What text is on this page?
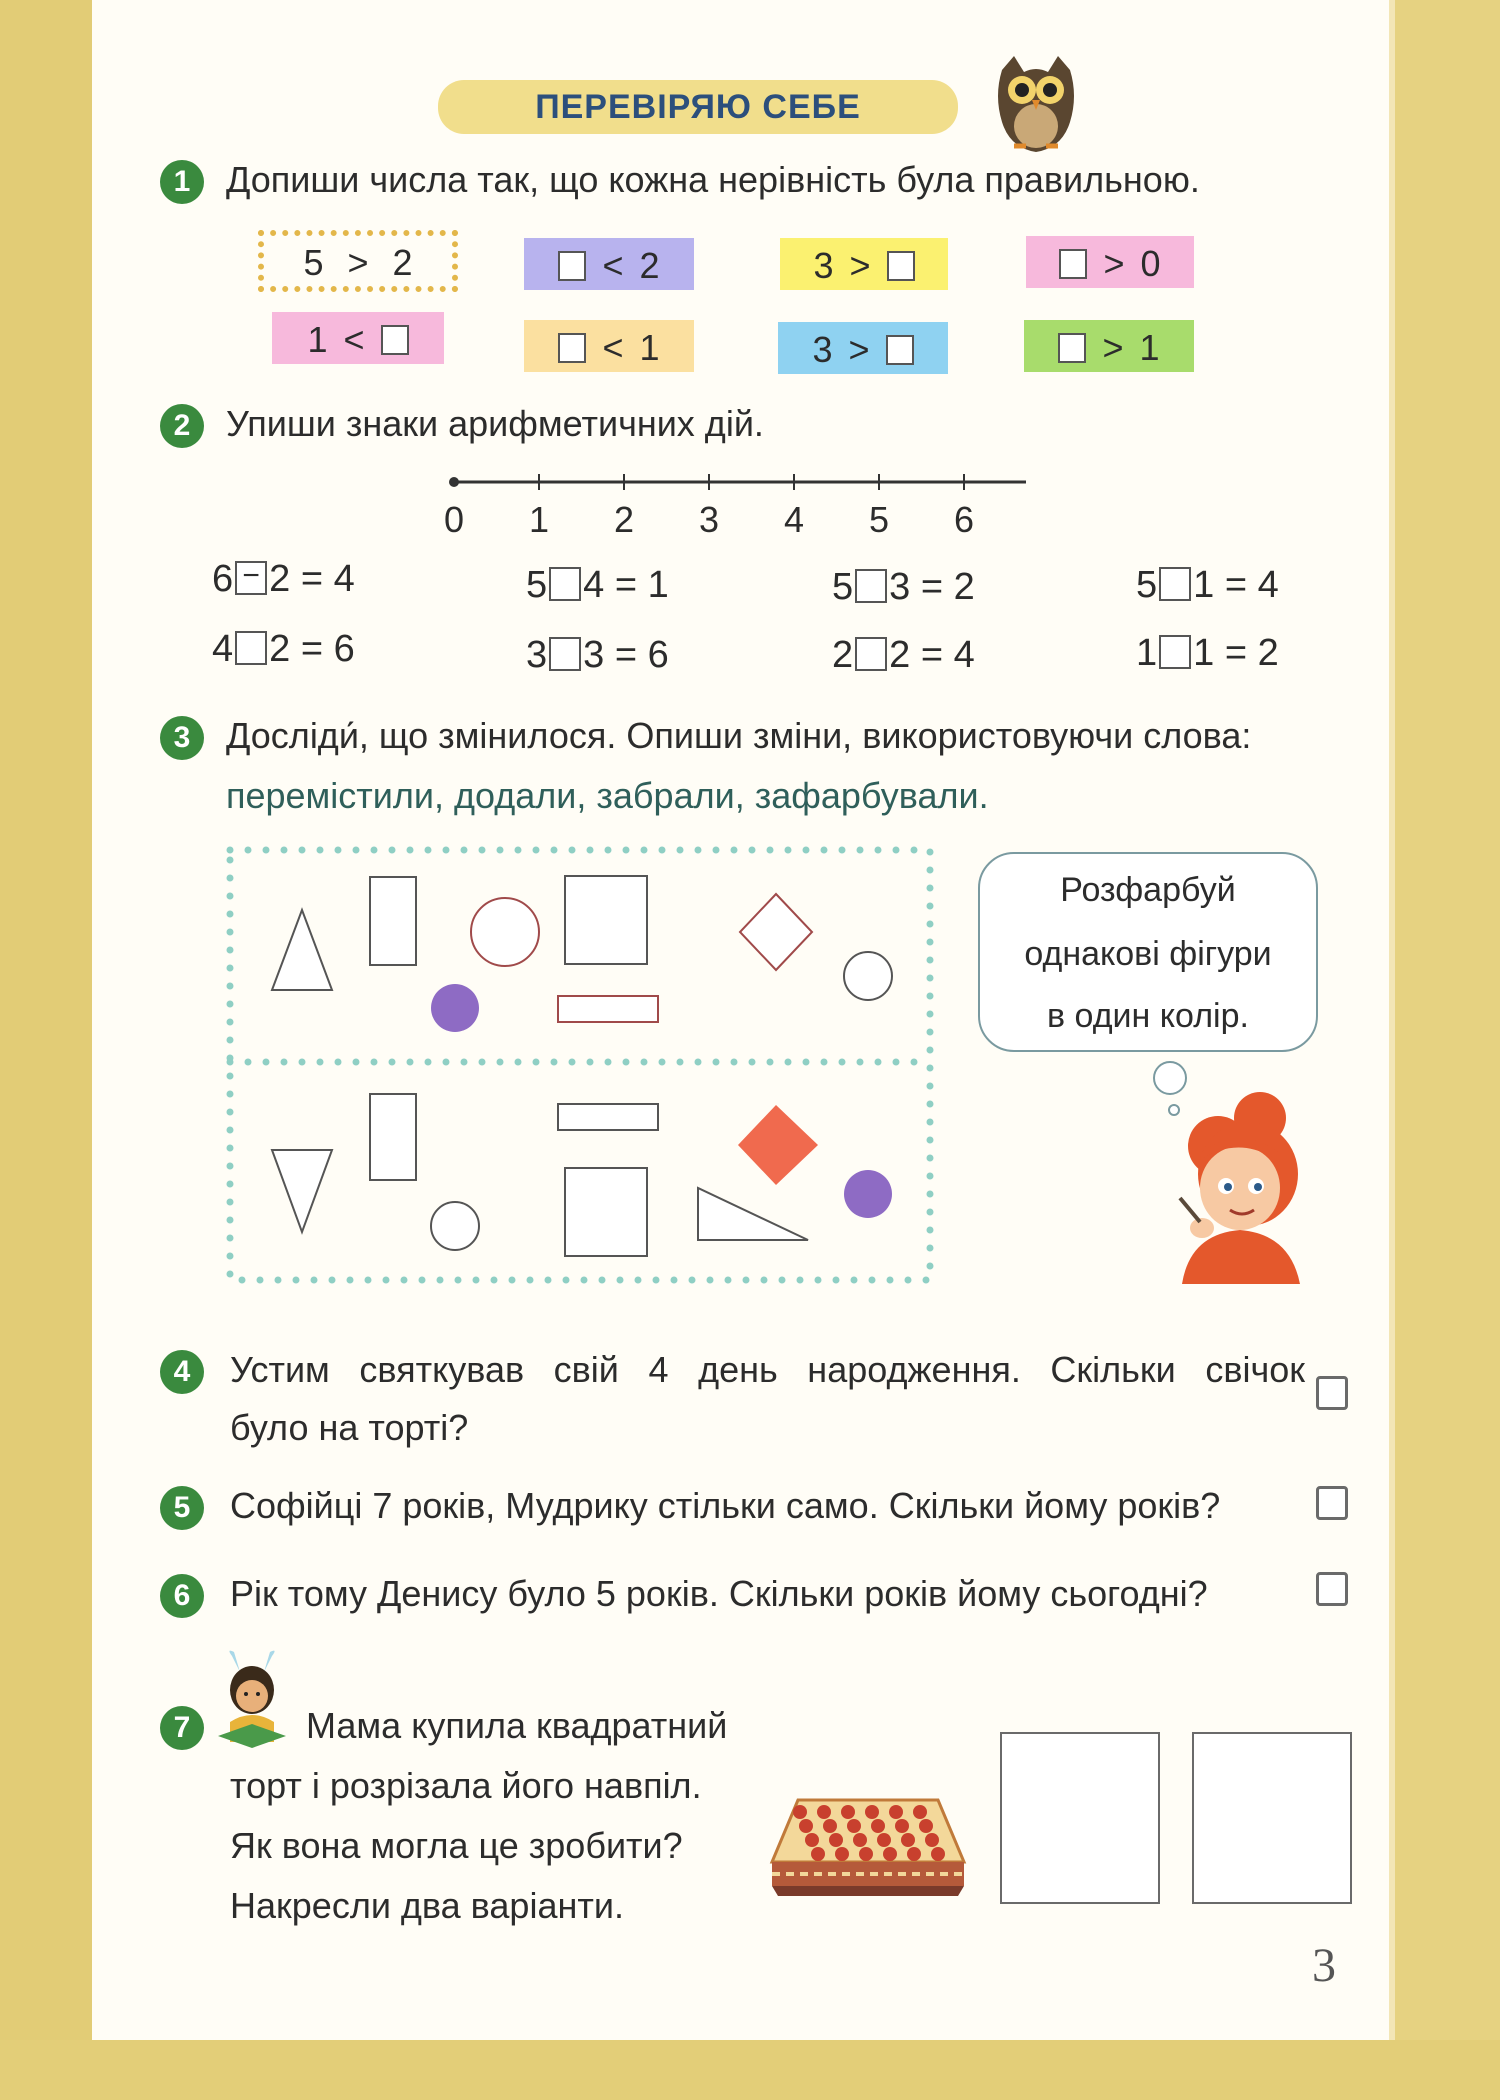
ПЕРЕВІРЯЮ СЕБЕ
1 Допиши числа так, що кожна нерівність була правильною.
5 > 2	< 2	3 >	> 0
1 <	< 1	3 >	> 1
2 Упиши знаки арифметичних дій.
0 1 2 3 4 5 6
6 − 2 = 4	5 4 = 1	5 3 = 2	5 1 = 4
4 2 = 6	3 3 = 6	2 2 = 4	1 1 = 2
3 Досліди́, що змінилося. Опиши зміни, використовуючи слова:
перемістили, додали, забрали, зафарбували.
Розфарбуй
однакові фігури
в один колір.
4	Устим святкував свій 4 день народження. Скільки свічок
було на торті?
5	Софійці 7 років, Мудрику стільки само. Скільки йому років?
6	Рік тому Денису було 5 років. Скільки років йому сьогодні?
7	Мама купила квадратний
торт і розрізала його навпіл.
Як вона могла це зробити?
Накресли два варіанти.
3
